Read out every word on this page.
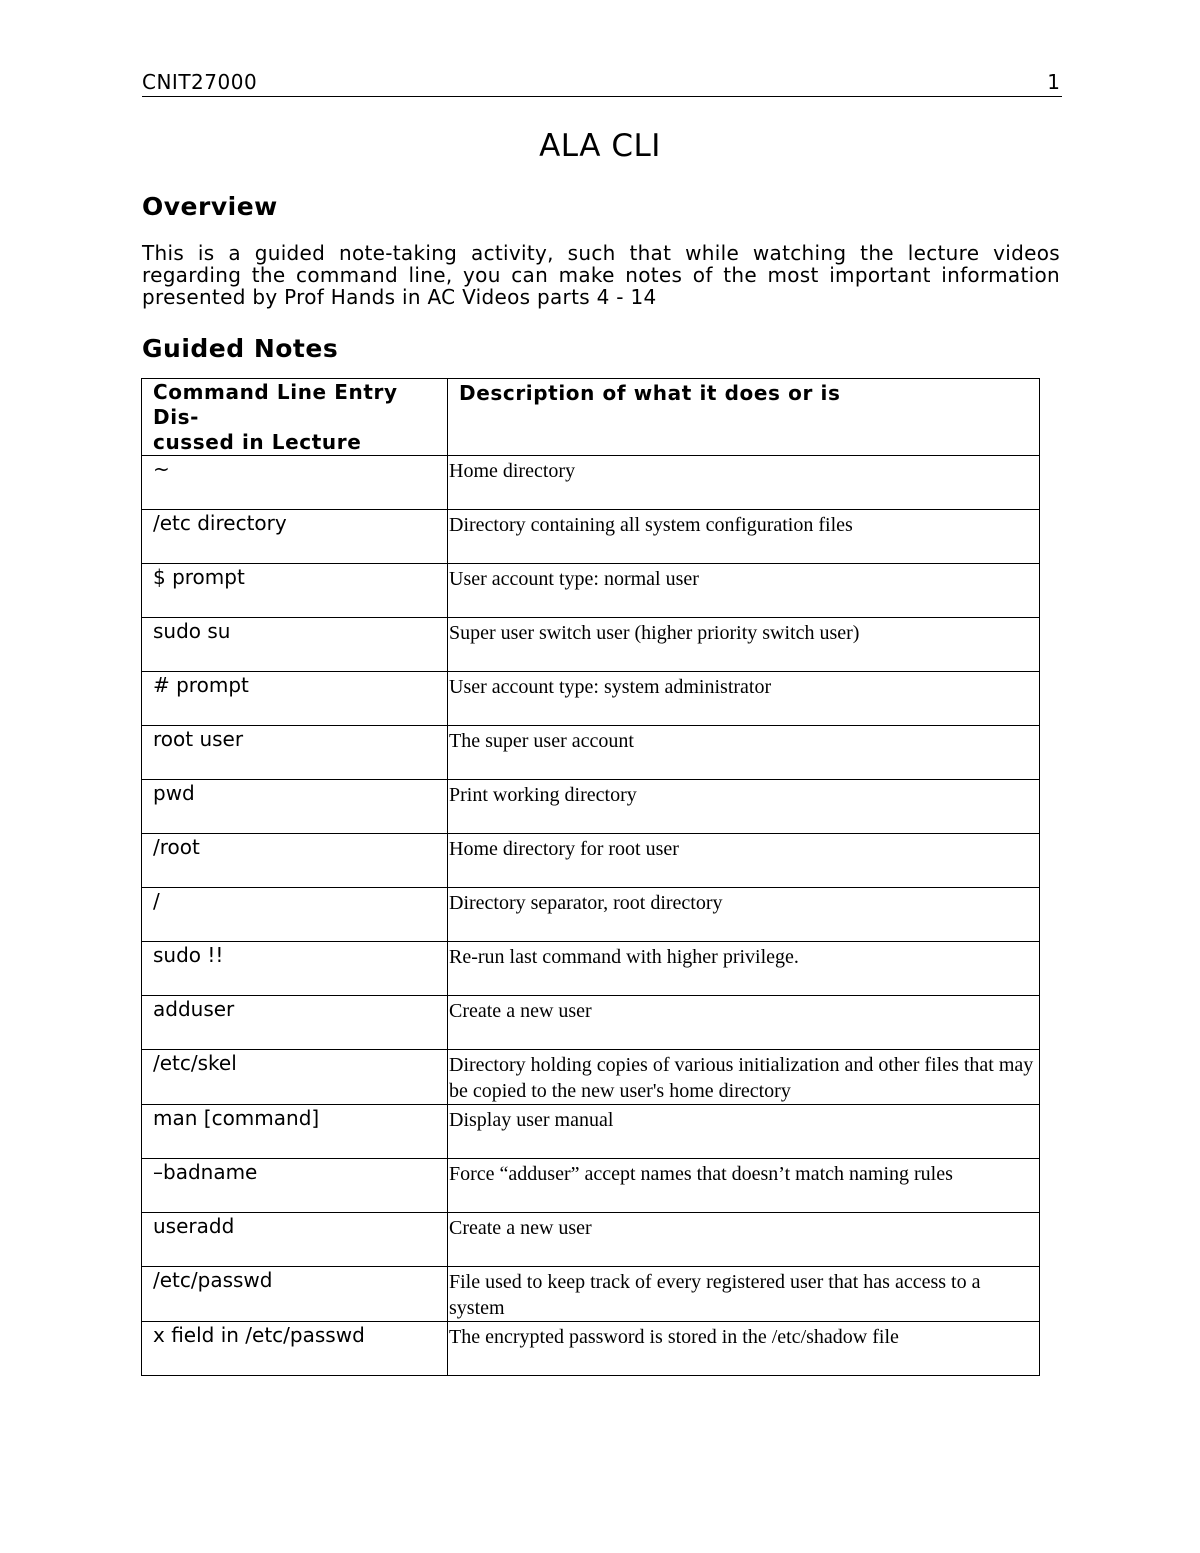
CNIT27000	1
ALA CLI
Overview
This is a guided note-taking activity, such that while watching the lecture videos regarding the command line, you can make notes of the most important information presented by Prof Hands in AC Videos parts 4 - 14
Guided Notes
Command Line Entry Dis-
cussed in Lecture	Description of what it does or is
~	Home directory
/etc directory	Directory containing all system configuration files
$ prompt	User account type: normal user
sudo su	Super user switch user (higher priority switch user)
# prompt	User account type: system administrator
root user	The super user account
pwd	Print working directory
/root	Home directory for root user
/	Directory separator, root directory
sudo !!	Re-run last command with higher privilege.
adduser	Create a new user
/etc/skel	Directory holding copies of various initialization and other files that may be copied to the new user's home directory
man [command]	Display user manual
–badname	Force “adduser” accept names that doesn’t match naming rules
useradd	Create a new user
/etc/passwd	File used to keep track of every registered user that has access to a system
x field in /etc/passwd	The encrypted password is stored in the /etc/shadow file
